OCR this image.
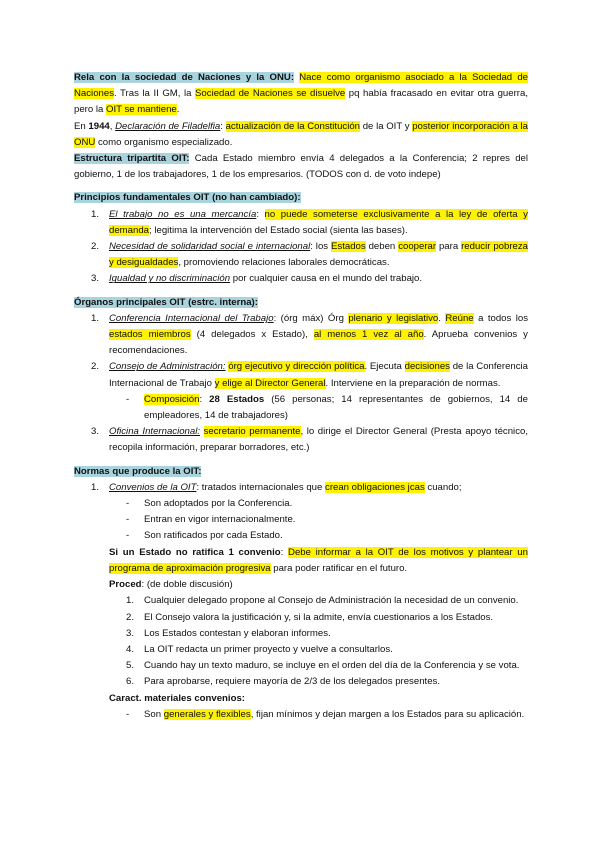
Rela con la sociedad de Naciones y la ONU: Nace como organismo asociado a la Sociedad de Naciones. Tras la II GM, la Sociedad de Naciones se disuelve pq había fracasado en evitar otra guerra, pero la OIT se mantiene.

En 1944, Declaración de Filadelfia: actualización de la Constitución de la OIT y posterior incorporación a la ONU como organismo especializado.

Estructura tripartita OIT: Cada Estado miembro envía 4 delegados a la Conferencia; 2 repres del gobierno, 1 de los trabajadores, 1 de los empresarios. (TODOS con d. de voto indepe)

Principios fundamentales OIT (no han cambiado):

1. El trabajo no es una mercancía: no puede someterse exclusivamente a la ley de oferta y demanda; legitima la intervención del Estado social (sienta las bases).
2. Necesidad de solidaridad social e internacional: los Estados deben cooperar para reducir pobreza y desigualdades, promoviendo relaciones laborales democráticas.
3. Igualdad y no discriminación por cualquier causa en el mundo del trabajo.

Órganos principales OIT (estrc. interna):

1. Conferencia Internacional del Trabajo: (órg máx) Órg plenario y legislativo. Reúne a todos los estados miembros (4 delegados x Estado), al menos 1 vez al año. Aprueba convenios y recomendaciones.
2. Consejo de Administración: órg ejecutivo y dirección política. Ejecuta decisiones de la Conferencia Internacional de Trabajo y elige al Director General. Interviene en la preparación de normas.
- Composición: 28 Estados (56 personas; 14 representantes de gobiernos, 14 de empleadores, 14 de trabajadores)
3. Oficina Internacional: secretario permanente, lo dirige el Director General (Presta apoyo técnico, recopila información, preparar borradores, etc.)

Normas que produce la OIT:

1. Convenios de la OIT: tratados internacionales que crean obligaciones jcas cuando;
- Son adoptados por la Conferencia.
- Entran en vigor internacionalmente.
- Son ratificados por cada Estado.

Si un Estado no ratifica 1 convenio: Debe informar a la OIT de los motivos y plantear un programa de aproximación progresiva para poder ratificar en el futuro.

Proced: (de doble discusión)

1. Cualquier delegado propone al Consejo de Administración la necesidad de un convenio.
2. El Consejo valora la justificación y, si la admite, envía cuestionarios a los Estados.
3. Los Estados contestan y elaboran informes.
4. La OIT redacta un primer proyecto y vuelve a consultarlos.
5. Cuando hay un texto maduro, se incluye en el orden del día de la Conferencia y se vota.
6. Para aprobarse, requiere mayoría de 2/3 de los delegados presentes.

Caract. materiales convenios:

- Son generales y flexibles, fijan mínimos y dejan margen a los Estados para su aplicación.
